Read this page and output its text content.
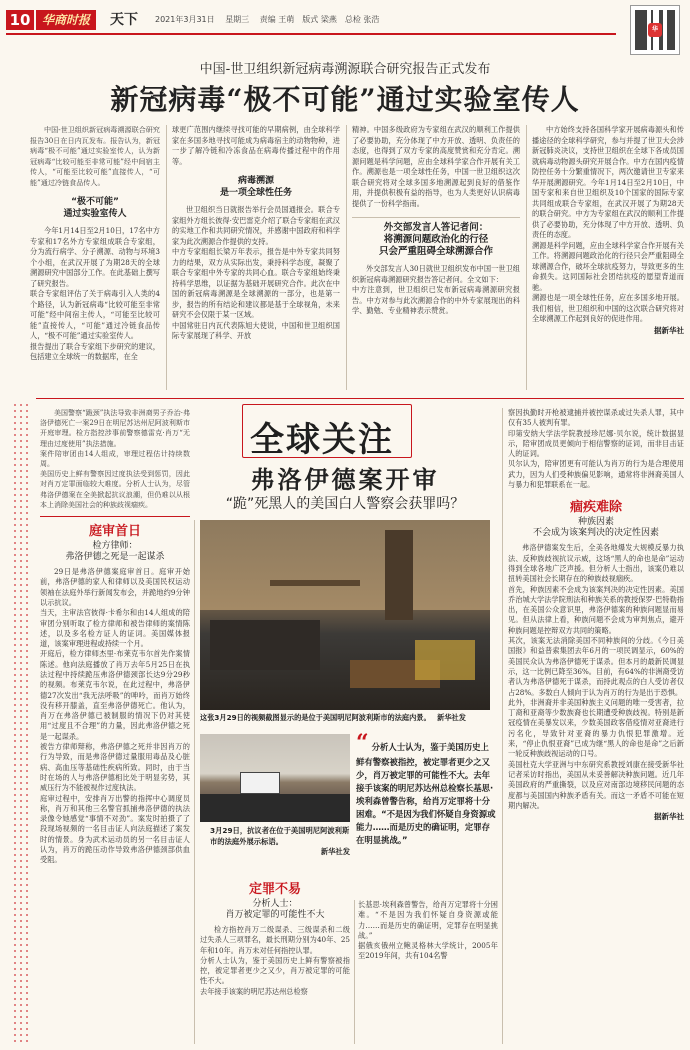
10 华商时报	天下 2021年3月31日 星期三 责编 王萌　版式 梁燕　总检 张浩
华
中国-世卫组织新冠病毒溯源联合研究报告正式发布
新冠病毒“极不可能”通过实验室传人
中国-世卫组织新冠病毒溯源联合研究报告30日在日内瓦发布。报告认为，新冠病毒“极不可能”通过实验室传人，认为新冠病毒“比较可能至非常可能”经中间宿主传人，“可能至比较可能”直接传人，“可能”通过冷链食品传人。
“极不可能”
通过实验室传人
今年1月14日至2月10日，17名中方专家和17名外方专家组成联合专家组，分为流行病学、分子溯源、动物与环境3个小组，在武汉开展了为期28天的全球溯源研究中国部分工作。在此基础上撰写了研究报告。
联合专家组评估了关于病毒引入人类的4个路径，认为新冠病毒“比较可能至非常可能”经中间宿主传人，“可能至比较可能”直接传人，“可能”通过冷链食品传人，“极不可能”通过实验室传人。
报告提出了联合专家组下步研究的建议，包括建立全球统一的数据库，在全
球更广范围内继续寻找可能的早期病例，由全球科学家在多国多地寻找可能成为病毒宿主的动物物种，进一步了解冷链和冷冻食品在病毒传播过程中的作用等。
病毒溯源
是一项全球性任务
世卫组织当日就报告举行会员国通报会。联合专家组外方组长彼得·安巴雷克介绍了联合专家组在武汉的实地工作和共同研究情况，并感谢中国政府和科学家为此次溯源合作提供的支持。
中方专家组组长梁万年表示，报告是中外专家共同努力的结果，双方从实际出发，秉持科学态度，凝聚了联合专家组中外专家的共同心血。联合专家组始终秉持科学思维，以证据为基础开展研究合作。此次在中国的新冠病毒溯源是全球溯源的一部分，也是第一步，报告的所有结论和建议都是基于全球视角，未来研究不会仅限于某一区域。
中国常驻日内瓦代表陈旭大使说，中国和世卫组织国际专家展现了科学、开放
精神。中国多级政府为专家组在武汉的顺利工作提供了必要协助，充分体现了中方开放、透明、负责任的态度，也得到了双方专家的高度赞赏和充分肯定。溯源问题是科学问题，应由全球科学家合作开展有关工作。溯源也是一项全球性任务，中国一世卫组织这次联合研究将对全球多国多地溯源起到良好的借鉴作用，并提供积极有益的指导，也为人类更好认识病毒提供了一份科学指南。
外交部发言人答记者问：
将溯源问题政治化的行径
只会严重阻碍全球溯源合作
外交部发言人30日就世卫组织发布中国一世卫组织新冠病毒溯源研究报告答记者问。全文如下：
中方注意到，世卫组织已发布新冠病毒溯源研究报告。中方对参与此次溯源合作的中外专家展现出的科学、勤勉、专业精神表示赞赏。
中方始终支持各国科学家开展病毒源头和传播途径的全球科学研究，参与并提了世卫大会涉新冠肺炎决议，支持世卫组织在全球下各成员国就病毒动物源头研究开展合作。中方在国内疫情防控任务十分繁重情况下，两次邀请世卫专家来华开展溯源研究。今年1月14日至2月10日，中国专家和来自世卫组织及10个国家的国际专家共同组成联合专家组，在武汉开展了为期28天的联合研究。中方为专家组在武汉的顺利工作提供了必要协助，充分体现了中方开放、透明、负责任的态度。
溯源是科学问题，应由全球科学家合作开展有关工作。将溯源问题政治化的行径只会严重阻碍全球溯源合作，破坏全球抗疫努力，导致更多的生命损失。这同国际社会团结抗疫的愿望背道而驰。
溯源也是一项全球性任务，应在多国多地开展。我们相信，世卫组织和中国的这次联合研究将对全球溯源工作起到良好的促进作用。
据新华社
全球关注
弗洛伊德案开审
“跪”死黑人的美国白人警察会获罪吗？
美国警察“跪颈”执法导致非洲裔男子乔治·弗洛伊德死亡一案29日在明尼苏达州尼阿波利斯市开庭审理。检方指控涉事前警察德雷克·肖万“无理由过度使用”执法措施。
案件陪审团由14人组成，审理过程估计持续数周。
美国历史上鲜有警察因过度执法受到惩罚，因此对肖万定罪面临较大难度。分析人士认为，尽管弗洛伊德案在全美掀起抗议浪潮，但仍难以从根本上消除美国社会的种族歧视痼疾。
庭审首日
检方律师：
弗洛伊德之死是一起谋杀
29日是弗洛伊德案庭审首日。庭审开始前，弗洛伊德的家人和律师以及美国民权运动领袖在法庭外举行新闻发布会，并跪地约9分钟以示抗议。
当天，主审法官彼得·卡希尔和由14人组成的陪审团分别听取了检方律师和被告律师的案情陈述，以及多名检方证人的证词。美国媒体报道，该案审理进程或持续一个月。
开庭后，检方律师杰里·布莱克韦尔首先作案情陈述。他向法庭播放了肖万去年5月25日在执法过程中持续跪压弗洛伊德颈部长达9分29秒的视频。布莱克韦尔说，在此过程中，弗洛伊德27次发出“我无法呼吸”的呻吟，而肖万始终没有移开膝盖，直至弗洛伊德死亡。他认为，肖万在弗洛伊德已被制服的情况下仍对其使用“过度且不合理”的力量，因此弗洛伊德之死是一起谋杀。
被告方律师辩称，弗洛伊德之死并非因肖万的行为导致，而是弗洛伊德过量服用毒品及心脏病、高血压等基础性疾病所致。同时，由于当时在场的人与弗洛伊德相比处于明显劣势，其威压行为不能被视作过度执法。
庭审过程中，安排肖万出警的指挥中心调度员称，肖万和其他三名警官抓捕弗洛伊德的执法录像令她感觉“事情不对劲”。案发时拍摄了了段现场视频的一名目击证人向法庭描述了案发时的情景。身为武术运动员的另一名目击证人认为，肖万的跪压动作导致弗洛伊德颈部供血受阻。
这张3月29日的视频截图显示的是位于美国明尼阿波利斯市的法庭内景。 新华社发
3月29日，抗议者在位于美国明尼阿波利斯市的法庭外展示标语。
新华社发
“ 分析人士认为，鉴于美国历史上鲜有警察被指控，被定罪者更少之又少，肖万被定罪的可能性不大。去年接手该案的明尼苏达州总检察长基思·埃利森曾警告称，给肖万定罪将十分困难。“不是因为我们怀疑自身资源或能力……而是历史的确证明，定罪存在明显挑战。”
定罪不易
分析人士：
肖万被定罪的可能性不大
检方指控肖万二级谋杀、三级谋杀和二级过失杀人三项罪名，最长刑期分别为40年、25年和10年。肖万未对任何指控认罪。
分析人士认为，鉴于美国历史上鲜有警察被指控，被定罪者更少之又少，肖万被定罪的可能性不大。
去年接手该案的明尼苏达州总检察
长基思·埃利森曾警告，给肖万定罪将十分困难。“不是因为我们怀疑自身资源或能力……而是历史的确证明，定罪存在明显挑战。”
据俄亥俄州立鲍灵格林大学统计，2005年至2019年间，共有104名警
察因执勤时开枪被逮捕并被控谋杀或过失杀人罪，其中仅有35人被判有罪。
印第安纳大学法学院教授珍尼娜·贝尔说，统计数据显示，陪审团成员更倾向于相信警察的证词，而非目击证人的证词。
贝尔认为，陪审团更有可能认为肖万的行为是合理使用武力，因为人们受种族偏见影响，通常将非洲裔美国人与暴力和犯罪联系在一起。
痼疾难除
种族因素
不会成为该案判决的决定性因素
弗洛伊德案发生后，全美各地爆发大规模反暴力执法、反种族歧视抗议示威，这场“黑人的命也是命”运动得到全球各地广泛声援。但分析人士指出，该案仍难以扭转美国社会长期存在的种族歧视痼疾。
首先，种族因素不会成为该案判决的决定性因素。美国乔治城大学法学院刑法和种族关系的教授保罗·巴特勒指出，在美国公众意识里，弗洛伊德案的种族问题显而易见。但从法律上看，种族问题不会成为审判焦点，避开种族问题是控辩双方共同的策略。
其次，该案无法消除美国不同种族间的分歧。《今日美国报》和益普索集团去年6月的一项民调显示，60%的美国民众认为弗洛伊德死于谋杀。但本月的最新民调显示，这一比例已降至36%。目前，有64%的非洲裔受访者认为弗洛伊德死于谋杀，而持此观点的白人受访者仅占28%。多数白人倾向于认为肖万的行为是出于恐惧。
此外，非洲裔并非美国种族主义问题的唯一受害者，拉丁裔和亚裔等少数族裔也长期遭受种族歧视。特别是新冠疫情在美暴发以来，少数美国政客借疫情对亚裔进行污名化，导致针对亚裔的暴力仇恨犯罪激增。近来，“停止仇恨亚裔”已成为继“黑人的命也是命”之后新一轮反种族歧视运动的口号。
美国杜克大学亚洲与中东研究系教授刘康在接受新华社记者采访时指出，美国从未妥善解决种族问题。近几年美国政府的严重撕裂，以及应对南部边境移民问题的态度都与美国国内种族矛盾有关。而这一矛盾不可能在短期内解决。
据新华社
